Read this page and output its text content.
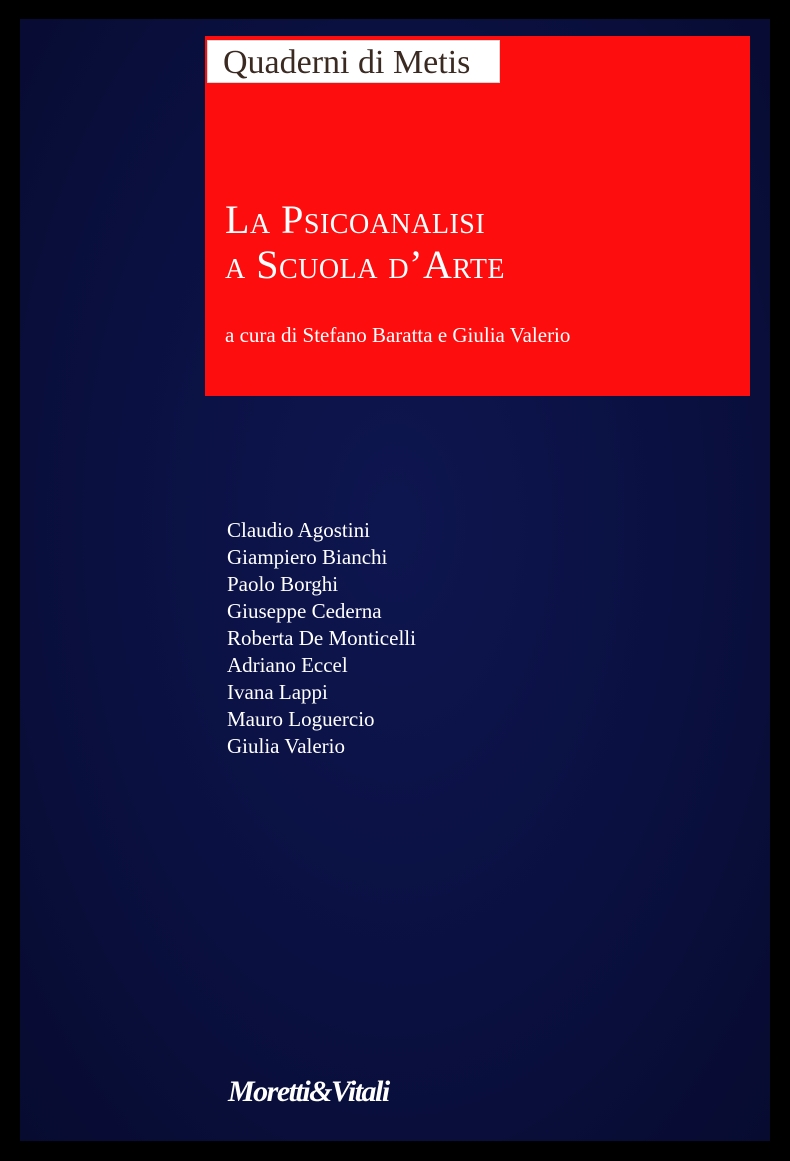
Quaderni di Metis
La Psicoanalisi
a Scuola d’Arte
a cura di Stefano Baratta e Giulia Valerio
Claudio Agostini
Giampiero Bianchi
Paolo Borghi
Giuseppe Cederna
Roberta De Monticelli
Adriano Eccel
Ivana Lappi
Mauro Loguercio
Giulia Valerio
Moretti&Vitali
